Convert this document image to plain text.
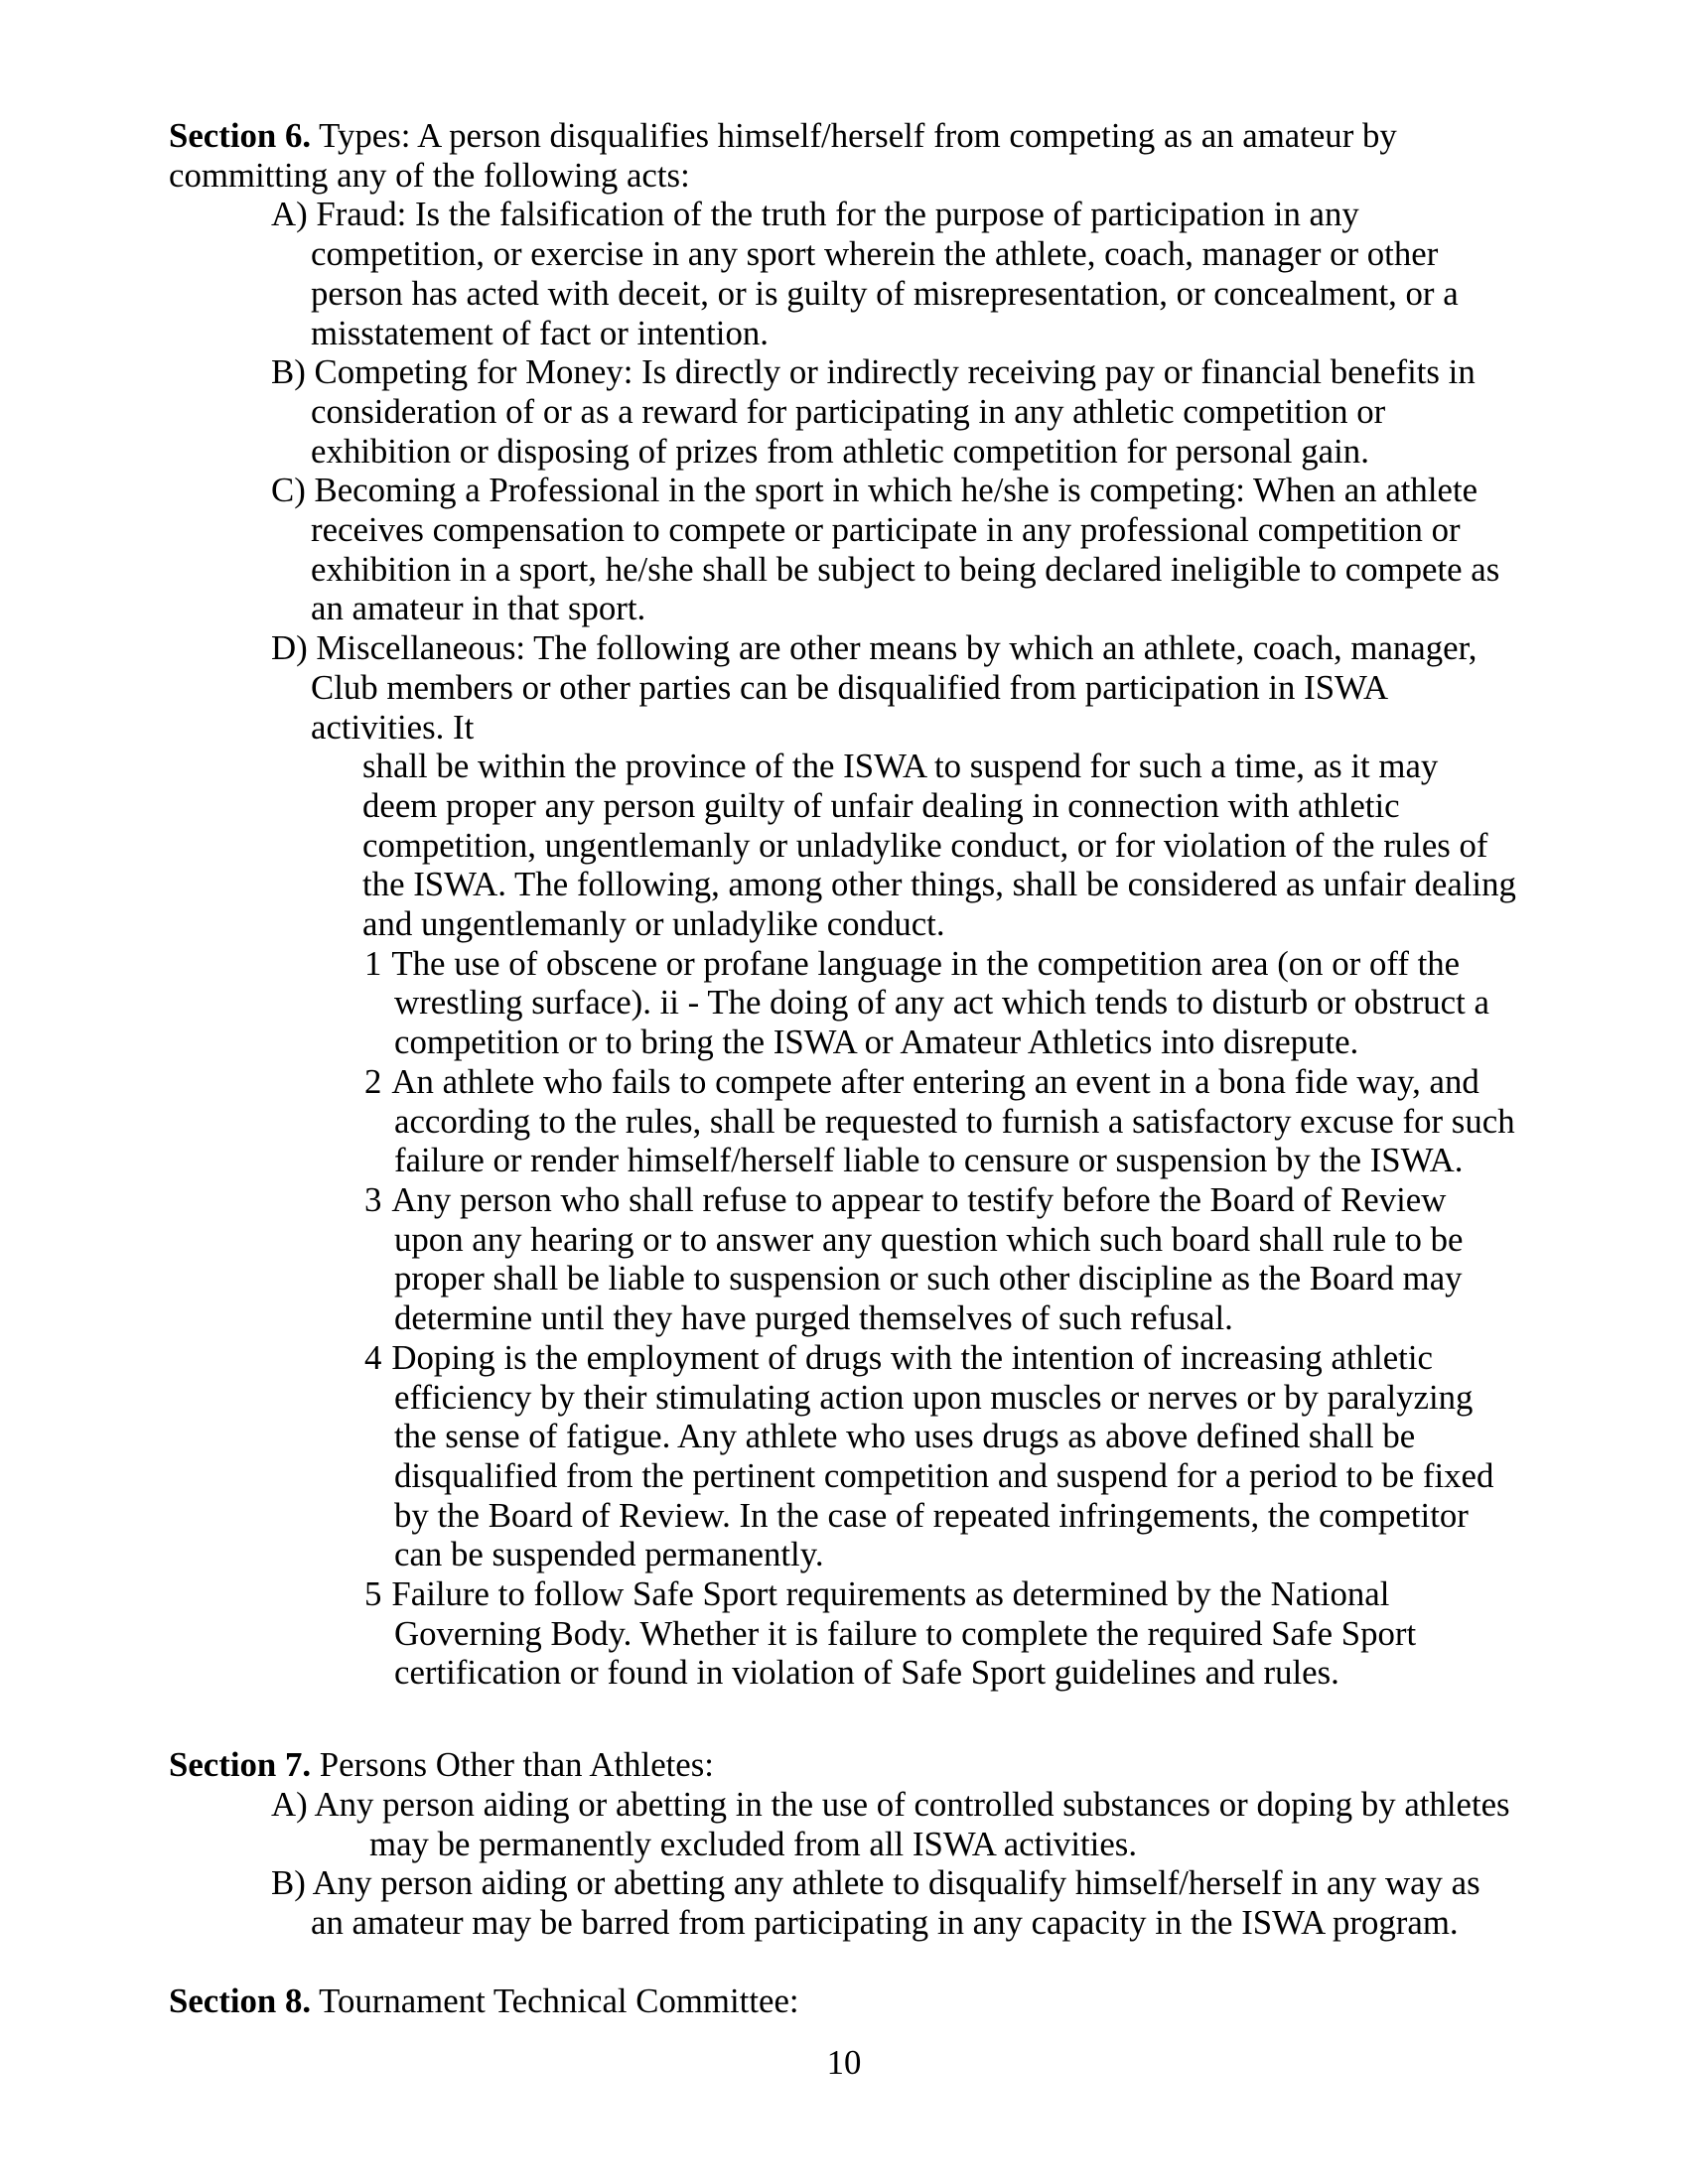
Section 6. Types: A person disqualifies himself/herself from competing as an amateur by committing any of the following acts:

A) Fraud: Is the falsification of the truth for the purpose of participation in any competition, or exercise in any sport wherein the athlete, coach, manager or other person has acted with deceit, or is guilty of misrepresentation, or concealment, or a misstatement of fact or intention.
B) Competing for Money: Is directly or indirectly receiving pay or financial benefits in consideration of or as a reward for participating in any athletic competition or exhibition or disposing of prizes from athletic competition for personal gain.
C) Becoming a Professional in the sport in which he/she is competing: When an athlete receives compensation to compete or participate in any professional competition or exhibition in a sport, he/she shall be subject to being declared ineligible to compete as an amateur in that sport.
D) Miscellaneous: The following are other means by which an athlete, coach, manager, Club members or other parties can be disqualified from participation in ISWA activities. It
shall be within the province of the ISWA to suspend for such a time, as it may deem proper any person guilty of unfair dealing in connection with athletic competition, ungentlemanly or unladylike conduct, or for violation of the rules of the ISWA. The following, among other things, shall be considered as unfair dealing and ungentlemanly or unladylike conduct.
1 The use of obscene or profane language in the competition area (on or off the wrestling surface). ii - The doing of any act which tends to disturb or obstruct a competition or to bring the ISWA or Amateur Athletics into disrepute.
2 An athlete who fails to compete after entering an event in a bona fide way, and according to the rules, shall be requested to furnish a satisfactory excuse for such failure or render himself/herself liable to censure or suspension by the ISWA.
3 Any person who shall refuse to appear to testify before the Board of Review upon any hearing or to answer any question which such board shall rule to be proper shall be liable to suspension or such other discipline as the Board may determine until they have purged themselves of such refusal.
4 Doping is the employment of drugs with the intention of increasing athletic efficiency by their stimulating action upon muscles or nerves or by paralyzing the sense of fatigue. Any athlete who uses drugs as above defined shall be disqualified from the pertinent competition and suspend for a period to be fixed by the Board of Review. In the case of repeated infringements, the competitor can be suspended permanently.
5 Failure to follow Safe Sport requirements as determined by the National Governing Body. Whether it is failure to complete the required Safe Sport certification or found in violation of Safe Sport guidelines and rules.

Section 7. Persons Other than Athletes:

A) Any person aiding or abetting in the use of controlled substances or doping by athletes
may be permanently excluded from all ISWA activities.
B) Any person aiding or abetting any athlete to disqualify himself/herself in any way as an amateur may be barred from participating in any capacity in the ISWA program.

Section 8. Tournament Technical Committee:

10
